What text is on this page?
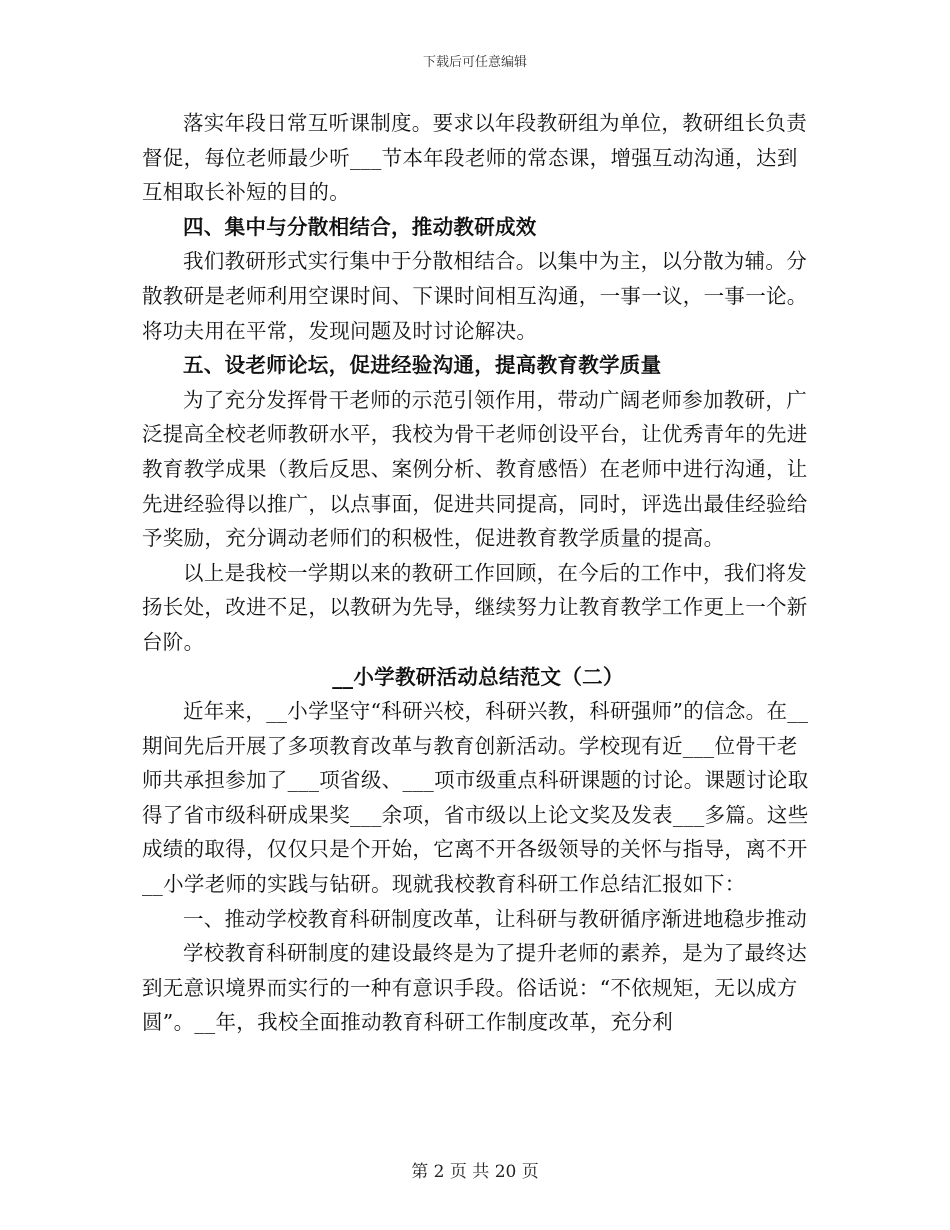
下载后可任意编辑

落实年段日常互听课制度。要求以年段教研组为单位，教研组长负责督促，每位老师最少听___节本年段老师的常态课，增强互动沟通，达到互相取长补短的目的。

四、集中与分散相结合，推动教研成效

我们教研形式实行集中于分散相结合。以集中为主，以分散为辅。分散教研是老师利用空课时间、下课时间相互沟通，一事一议，一事一论。将功夫用在平常，发现问题及时讨论解决。

五、设老师论坛，促进经验沟通，提高教育教学质量

为了充分发挥骨干老师的示范引领作用，带动广阔老师参加教研，广泛提高全校老师教研水平，我校为骨干老师创设平台，让优秀青年的先进教育教学成果（教后反思、案例分析、教育感悟）在老师中进行沟通，让先进经验得以推广，以点事面，促进共同提高，同时，评选出最佳经验给予奖励，充分调动老师们的积极性，促进教育教学质量的提高。

以上是我校一学期以来的教研工作回顾，在今后的工作中，我们将发扬长处，改进不足，以教研为先导，继续努力让教育教学工作更上一个新台阶。

__小学教研活动总结范文（二）

近年来，__小学坚守“科研兴校，科研兴教，科研强师”的信念。在__期间先后开展了多项教育改革与教育创新活动。学校现有近___位骨干老师共承担参加了___项省级、___项市级重点科研课题的讨论。课题讨论取得了省市级科研成果奖___余项，省市级以上论文奖及发表___多篇。这些成绩的取得，仅仅只是个开始，它离不开各级领导的关怀与指导，离不开__小学老师的实践与钻研。现就我校教育科研工作总结汇报如下：

一、推动学校教育科研制度改革，让科研与教研循序渐进地稳步推动

学校教育科研制度的建设最终是为了提升老师的素养，是为了最终达到无意识境界而实行的一种有意识手段。俗话说：“不依规矩，无以成方圆”。__年，我校全面推动教育科研工作制度改革，充分利

第 2 页 共 20 页
